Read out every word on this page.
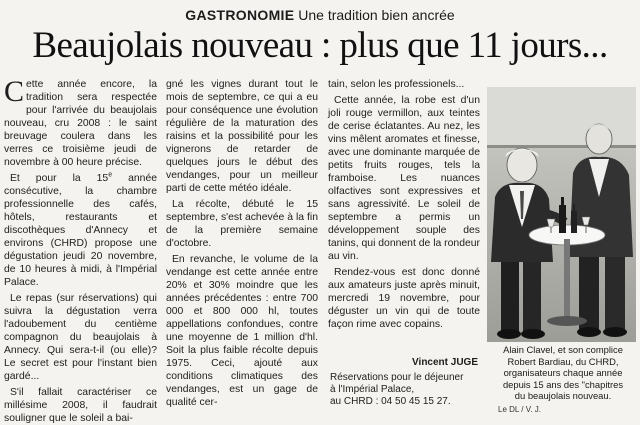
GASTRONOMIE Une tradition bien ancrée
Beaujolais nouveau : plus que 11 jours...

Cette année encore, la tradition sera respectée pour l'arrivée du beaujolais nouveau, cru 2008 : le saint breuvage coulera dans les verres ce troisième jeudi de novembre à 00 heure précise.

Et pour la 15e année consécutive, la chambre professionnelle des cafés, hôtels, restaurants et discothèques d'Annecy et environs (CHRD) propose une dégustation jeudi 20 novembre, de 10 heures à midi, à l'Impérial Palace.

Le repas (sur réservations) qui suivra la dégustation verra l'adoubement du centième compagnon du beaujolais à Annecy. Qui sera-t-il (ou elle)? Le secret est pour l'instant bien gardé...

S'il fallait caractériser ce millésime 2008, il faudrait souligner que le soleil a bai-

gné les vignes durant tout le mois de septembre, ce qui a eu pour conséquence une évolution régulière de la maturation des raisins et la possibilité pour les vignerons de retarder de quelques jours le début des vendanges, pour un meilleur parti de cette météo idéale.

La récolte, débuté le 15 septembre, s'est achevée à la fin de la première semaine d'octobre.

En revanche, le volume de la vendange est cette année entre 20% et 30% moindre que les années précédentes : entre 700 000 et 800 000 hl, toutes appellations confondues, contre une moyenne de 1 million d'hl. Soit la plus faible récolte depuis 1975. Ceci, ajouté aux conditions climatiques des vendanges, est un gage de qualité cer-

tain, selon les professionels...

Cette année, la robe est d'un joli rouge vermillon, aux teintes de cerise éclatantes. Au nez, les vins mêlent aromates et finesse, avec une dominante marquée de petits fruits rouges, tels la framboise. Les nuances olfactives sont expressives et sans agressivité. Le soleil de septembre a permis un développement souple des tanins, qui donnent de la rondeur au vin.

Rendez-vous est donc donné aux amateurs juste après minuit, mercredi 19 novembre, pour déguster un vin qui de toute façon rime avec copains.

Vincent JUGE
Réservations pour le déjeuner
à l'Impérial Palace,
au CHRD : 04 50 45 15 27.
Alain Clavel, et son complice
Robert Bardiau, du CHRD,
organisateurs chaque année
depuis 15 ans des "chapitres
du beaujolais nouveau.
Le DL / V. J.
